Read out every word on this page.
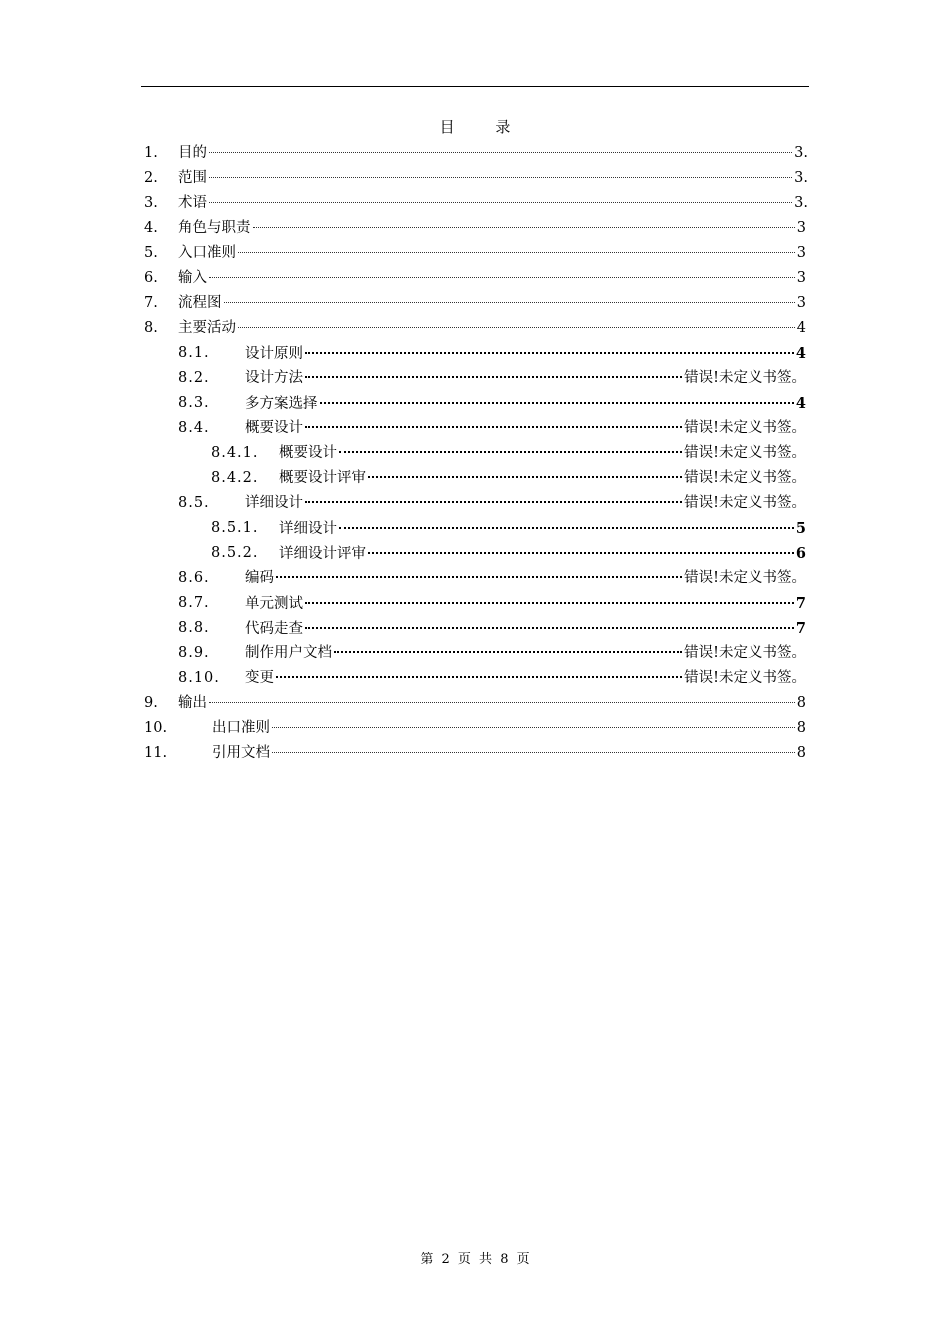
目 录
1. 目的	3.
2. 范围	3.
3. 术语	3.
4. 角色与职责	3
5. 入口准则	3
6. 输入	3
7. 流程图	3
8. 主要活动	4
8.1. 设计原则	4
8.2. 设计方法	错误!未定义书签。
8.3. 多方案选择	4
8.4. 概要设计	错误!未定义书签。
8.4.1. 概要设计	错误!未定义书签。
8.4.2. 概要设计评审	错误!未定义书签。
8.5. 详细设计	错误!未定义书签。
8.5.1. 详细设计	5
8.5.2. 详细设计评审	6
8.6. 编码	错误!未定义书签。
8.7. 单元测试	7
8.8. 代码走查	7
8.9. 制作用户文档	错误!未定义书签。
8.10. 变更	错误!未定义书签。
9. 输出	8
10.	出口准则	8
11.	引用文档	8
第 2 页 共 8 页
